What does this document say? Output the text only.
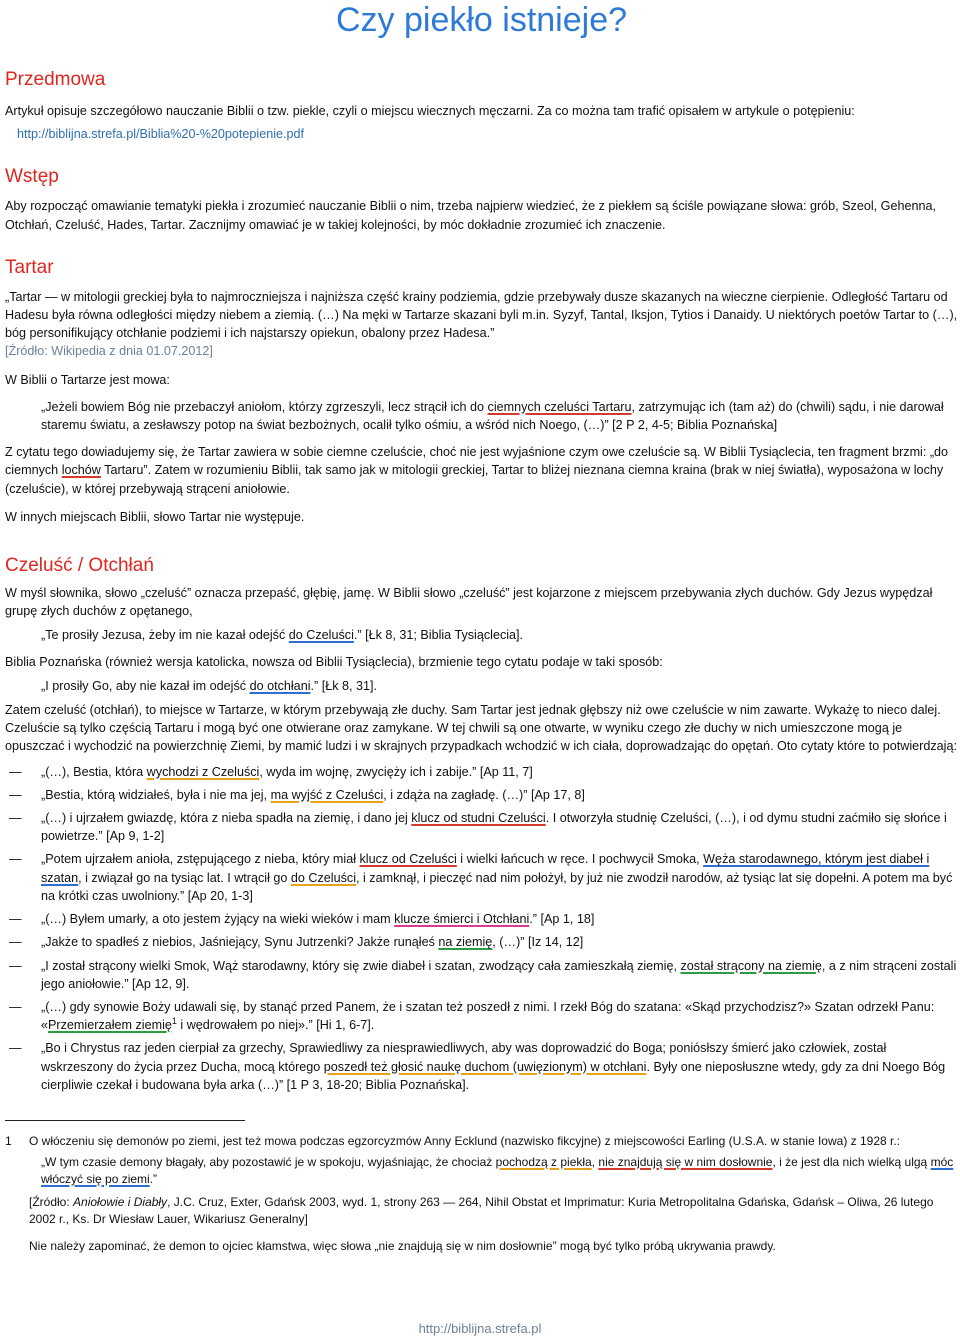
Czy piekło istnieje?
Przedmowa

Artykuł opisuje szczegółowo nauczanie Biblii o tzw. piekle, czyli o miejscu wiecznych męczarni. Za co można tam trafić opisałem w artykule o potępieniu:
http://biblijna.strefa.pl/Biblia%20-%20potepienie.pdf

Wstęp

Aby rozpocząć omawianie tematyki piekła i zrozumieć nauczanie Biblii o nim, trzeba najpierw wiedzieć, że z piekłem są ściśle powiązane słowa: grób, Szeol, Gehenna, Otchłań, Czeluść, Hades, Tartar. Zacznijmy omawiać je w takiej kolejności, by móc dokładnie zrozumieć ich znaczenie.

Tartar

„Tartar — w mitologii greckiej była to najmroczniejsza i najniższa część krainy podziemia, gdzie przebywały dusze skazanych na wieczne cierpienie. Odległość Tartaru od Hadesu była równa odległości między niebem a ziemią. (…) Na męki w Tartarze skazani byli m.in. Syzyf, Tantal, Iksjon, Tytios i Danaidy. U niektórych poetów Tartar to (…), bóg personifikujący otchłanie podziemi i ich najstarszy opiekun, obalony przez Hadesa.”

[Źródło: Wikipedia z dnia 01.07.2012]

W Biblii o Tartarze jest mowa:

„Jeżeli bowiem Bóg nie przebaczył aniołom, którzy zgrzeszyli, lecz strącił ich do ciemnych czeluści Tartaru, zatrzymując ich (tam aż) do (chwili) sądu, i nie darował staremu światu, a zesławszy potop na świat bezbożnych, ocalił tylko ośmiu, a wśród nich Noego, (…)” [2 P 2, 4-5; Biblia Poznańska]

Z cytatu tego dowiadujemy się, że Tartar zawiera w sobie ciemne czeluście, choć nie jest wyjaśnione czym owe czeluście są. W Biblii Tysiąclecia, ten fragment brzmi: „do ciemnych lochów Tartaru”. Zatem w rozumieniu Biblii, tak samo jak w mitologii greckiej, Tartar to bliżej nieznana ciemna kraina (brak w niej światła), wyposażona w lochy (czeluście), w której przebywają strąceni aniołowie.

W innych miejscach Biblii, słowo Tartar nie występuje.

Czeluść / Otchłań

W myśl słownika, słowo „czeluść” oznacza przepaść, głębię, jamę. W Biblii słowo „czeluść” jest kojarzone z miejscem przebywania złych duchów. Gdy Jezus wypędzał grupę złych duchów z opętanego,

„Te prosiły Jezusa, żeby im nie kazał odejść do Czeluści.” [Łk 8, 31; Biblia Tysiąclecia].

Biblia Poznańska (również wersja katolicka, nowsza od Biblii Tysiąclecia), brzmienie tego cytatu podaje w taki sposób:

„I prosiły Go, aby nie kazał im odejść do otchłani.” [Łk 8, 31].

Zatem czeluść (otchłań), to miejsce w Tartarze, w którym przebywają złe duchy. Sam Tartar jest jednak głębszy niż owe czeluście w nim zawarte. Wykażę to nieco dalej. Czeluście są tylko częścią Tartaru i mogą być one otwierane oraz zamykane. W tej chwili są one otwarte, w wyniku czego złe duchy w nich umieszczone mogą je opuszczać i wychodzić na powierzchnię Ziemi, by mamić ludzi i w skrajnych przypadkach wchodzić w ich ciała, doprowadzając do opętań. Oto cytaty które to potwierdzają:

— „(…), Bestia, która wychodzi z Czeluści, wyda im wojnę, zwycięży ich i zabije.” [Ap 11, 7]

— „Bestia, którą widziałeś, była i nie ma jej, ma wyjść z Czeluści, i zdąża na zagładę. (…)” [Ap 17, 8]

— „(…) i ujrzałem gwiazdę, która z nieba spadła na ziemię, i dano jej klucz od studni Czeluści. I otworzyła studnię Czeluści, (…), i od dymu studni zaćmiło się słońce i powietrze.” [Ap 9, 1-2]

— „Potem ujrzałem anioła, zstępującego z nieba, który miał klucz od Czeluści i wielki łańcuch w ręce. I pochwycił Smoka, Węża starodawnego, którym jest diabeł i szatan, i związał go na tysiąc lat. I wtrącił go do Czeluści, i zamknął, i pieczęć nad nim położył, by już nie zwodził narodów, aż tysiąc lat się dopełni. A potem ma być na krótki czas uwolniony.” [Ap 20, 1-3]

— „(…) Byłem umarły, a oto jestem żyjący na wieki wieków i mam klucze śmierci i Otchłani.” [Ap 1, 18]

— „Jakże to spadłeś z niebios, Jaśniejący, Synu Jutrzenki? Jakże runąłeś na ziemię, (…)” [Iz 14, 12]

— „I został strącony wielki Smok, Wąż starodawny, który się zwie diabeł i szatan, zwodzący cała zamieszkałą ziemię, został strącony na ziemię, a z nim strąceni zostali jego aniołowie.” [Ap 12, 9].

— „(…) gdy synowie Boży udawali się, by stanąć przed Panem, że i szatan też poszedł z nimi. I rzekł Bóg do szatana: «Skąd przychodzisz?» Szatan odrzekł Panu: «Przemierzałem ziemię$^1$ i wędrowałem po niej».” [Hi 1, 6-7].

— „Bo i Chrystus raz jeden cierpiał za grzechy, Sprawiedliwy za niesprawiedliwych, aby was doprowadzić do Boga; poniósłszy śmierć jako człowiek, został wskrzeszony do życia przez Ducha, mocą którego poszedł też głosić naukę duchom (uwięzionym) w otchłani. Były one nieposłuszne wtedy, gdy za dni Noego Bóg cierpliwie czekał i budowana była arka (…)” [1 P 3, 18-20; Biblia Poznańska].

1 O włóczeniu się demonów po ziemi, jest też mowa podczas egzorcyzmów Anny Ecklund (nazwisko fikcyjne) z miejscowości Earling (U.S.A. w stanie Iowa) z 1928 r.:

„W tym czasie demony błagały, aby pozostawić je w spokoju, wyjaśniając, że chociaż pochodzą z piekła, nie znajdują się w nim dosłownie, i że jest dla nich wielką ulgą móc włóczyć się po ziemi.”

[Źródło: Aniołowie i Diabły, J.C. Cruz, Exter, Gdańsk 2003, wyd. 1, strony 263 — 264, Nihil Obstat et Imprimatur: Kuria Metropolitalna Gdańska, Gdańsk – Oliwa, 26 lutego 2002 r., Ks. Dr Wiesław Lauer, Wikariusz Generalny]

Nie należy zapominać, że demon to ojciec kłamstwa, więc słowa „nie znajdują się w nim dosłownie” mogą być tylko próbą ukrywania prawdy.

http://biblijna.strefa.pl
